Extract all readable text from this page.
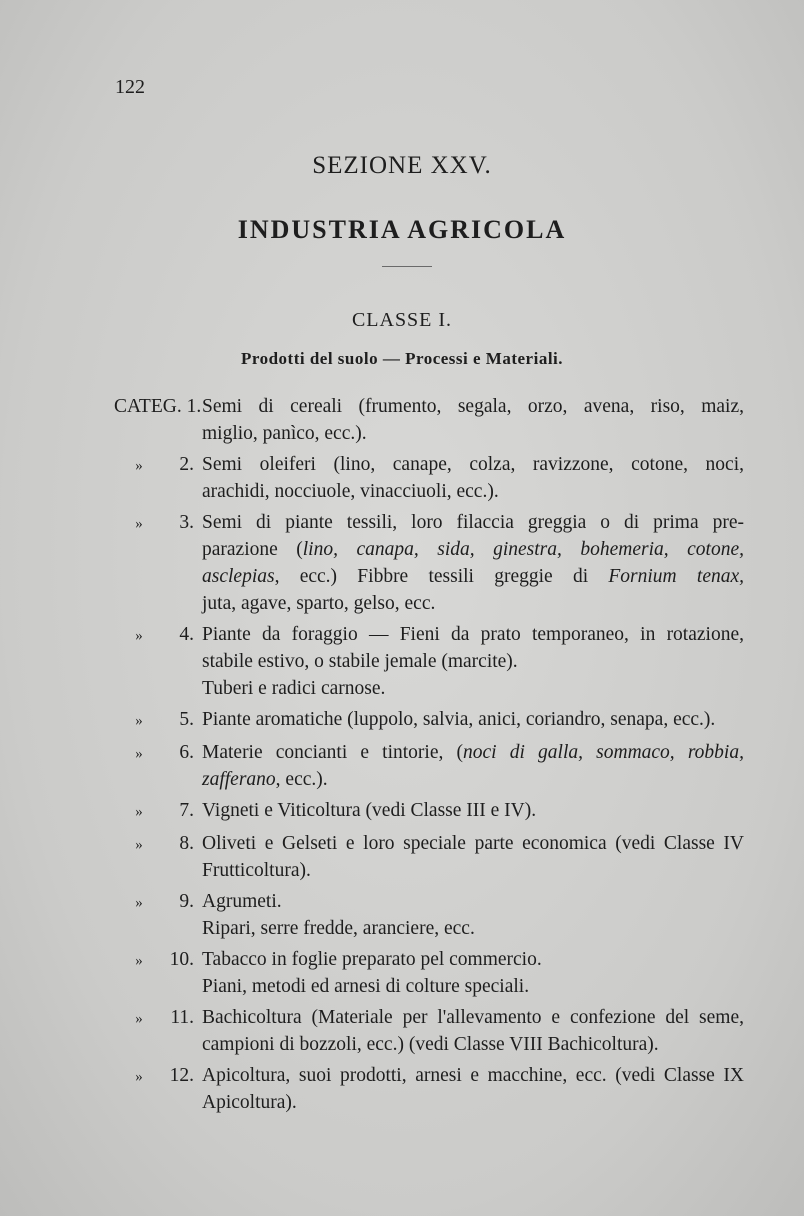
122
SEZIONE XXV.
INDUSTRIA AGRICOLA
CLASSE I.
Prodotti del suolo — Processi e Materiali.
CATEG. 1. Semi di cereali (frumento, segala, orzo, avena, riso, maiz,
miglio, panìco, ecc.).
» 2. Semi oleiferi (lino, canape, colza, ravizzone, cotone, noci,
arachidi, nocciuole, vinacciuoli, ecc.).
» 3. Semi di piante tessili, loro filaccia greggia o di prima pre-
parazione (lino, canapa, sida, ginestra, bohemeria, cotone,
asclepias, ecc.) Fibbre tessili greggie di Fornium tenax,
juta, agave, sparto, gelso, ecc.
» 4. Piante da foraggio — Fieni da prato temporaneo, in rotazione,
stabile estivo, o stabile jemale (marcite).
Tuberi e radici carnose.
» 5. Piante aromatiche (luppolo, salvia, anici, coriandro, senapa, ecc.).
» 6. Materie concianti e tintorie, (noci di galla, sommaco, robbia,
zafferano, ecc.).
» 7. Vigneti e Viticoltura (vedi Classe III e IV).
» 8. Oliveti e Gelseti e loro speciale parte economica (vedi Classe IV
Frutticoltura).
» 9. Agrumeti.
Ripari, serre fredde, aranciere, ecc.
» 10. Tabacco in foglie preparato pel commercio.
Piani, metodi ed arnesi di colture speciali.
» 11. Bachicoltura (Materiale per l'allevamento e confezione del seme,
campioni di bozzoli, ecc.) (vedi Classe VIII Bachicoltura).
» 12. Apicoltura, suoi prodotti, arnesi e macchine, ecc. (vedi Classe IX
Apicoltura).
